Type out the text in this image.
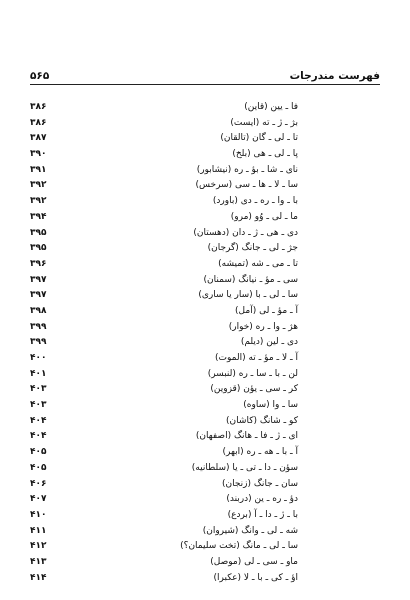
فهرست مندرجات
۵۶۵
فا ـ یین (قاین)
۳۸۶
بژ ـ ژ ـ ته (ایست)
۳۸۶
تا ـ لی ـ گان (تالقان)
۳۸۷
پا ـ لی ـ هی (بلخ)
۳۹۰
نای ـ شا ـ بؤ ـ ره (نیشابور)
۳۹۱
سا ـ لا ـ ها ـ سی (سرخس)
۳۹۲
با ـ وا ـ ره ـ دی (باورد)
۳۹۲
ما ـ لی ـ وُو (مرو)
۳۹۴
دی ـ هی ـ ژ ـ دان (دهستان)
۳۹۵
جژ ـ لی ـ جانگ (گرجان)
۳۹۵
تا ـ می ـ شه (تمیشه)
۳۹۶
سی ـ مؤ ـ نیانگ (سمنان)
۳۹۷
سا ـ لی ـ با (سار یا ساری)
۳۹۷
آ ـ مؤ ـ لی (آمل)
۳۹۸
هژ ـ وا ـ ره (خوار)
۳۹۹
دی ـ لین (دیلم)
۳۹۹
آ ـ لا ـ مؤ ـ ته (الموت)
۴۰۰
لن ـ با ـ سا ـ ره (لنبسر)
۴۰۱
کر ـ سی ـ یؤن (قزوین)
۴۰۳
سا ـ وا (ساوه)
۴۰۳
کو ـ شانگ (کاشان)
۴۰۴
ای ـ ژ ـ فا ـ هانگ (اصفهان)
۴۰۴
آ ـ با ـ هه ـ ره (ابهر)
۴۰۵
سؤن ـ دا ـ تی ـ یا (سلطانیه)
۴۰۵
سان ـ جانگ (زنجان)
۴۰۶
دؤ ـ ره ـ ین (دربند)
۴۰۷
با ـ ژ ـ دا ـ آ (بردع)
۴۱۰
شه ـ لی ـ وانگ (شیروان)
۴۱۱
سا ـ لی ـ مانگ (تخت سلیمان؟)
۴۱۲
ماو ـ سی ـ لی (موصل)
۴۱۳
اؤ ـ کی ـ با ـ لا (عکبرا)
۴۱۴
